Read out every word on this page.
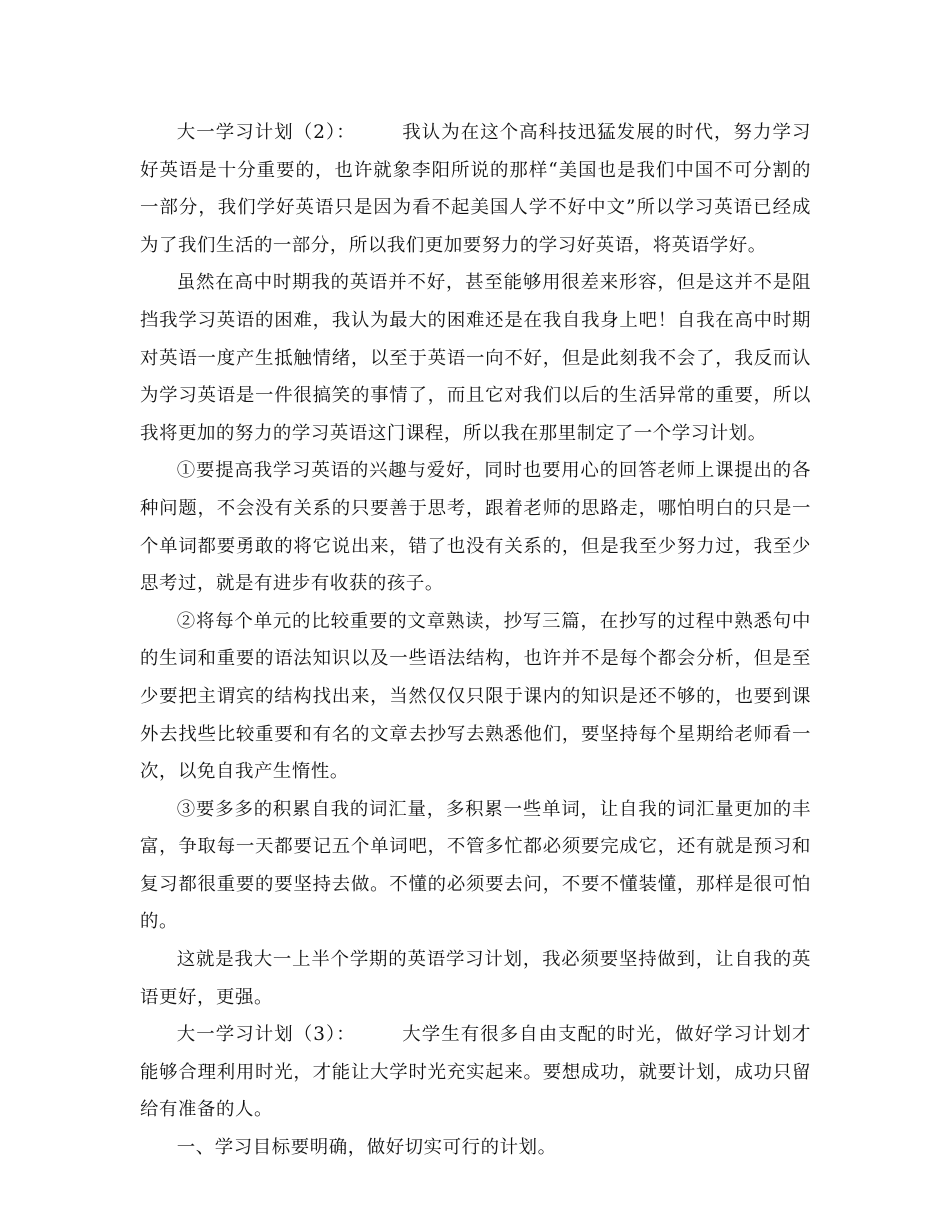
大一学习计划（2）：	我认为在这个高科技迅猛发展的时代，努力学习好英语是十分重要的，也许就象李阳所说的那样“美国也是我们中国不可分割的一部分，我们学好英语只是因为看不起美国人学不好中文”所以学习英语已经成为了我们生活的一部分，所以我们更加要努力的学习好英语，将英语学好。

虽然在高中时期我的英语并不好，甚至能够用很差来形容，但是这并不是阻挡我学习英语的困难，我认为最大的困难还是在我自我身上吧！自我在高中时期对英语一度产生抵触情绪，以至于英语一向不好，但是此刻我不会了，我反而认为学习英语是一件很搞笑的事情了，而且它对我们以后的生活异常的重要，所以我将更加的努力的学习英语这门课程，所以我在那里制定了一个学习计划。

①要提高我学习英语的兴趣与爱好，同时也要用心的回答老师上课提出的各种问题，不会没有关系的只要善于思考，跟着老师的思路走，哪怕明白的只是一个单词都要勇敢的将它说出来，错了也没有关系的，但是我至少努力过，我至少思考过，就是有进步有收获的孩子。

②将每个单元的比较重要的文章熟读，抄写三篇，在抄写的过程中熟悉句中的生词和重要的语法知识以及一些语法结构，也许并不是每个都会分析，但是至少要把主谓宾的结构找出来，当然仅仅只限于课内的知识是还不够的，也要到课外去找些比较重要和有名的文章去抄写去熟悉他们，要坚持每个星期给老师看一次，以免自我产生惰性。

③要多多的积累自我的词汇量，多积累一些单词，让自我的词汇量更加的丰富，争取每一天都要记五个单词吧，不管多忙都必须要完成它，还有就是预习和复习都很重要的要坚持去做。不懂的必须要去问，不要不懂装懂，那样是很可怕的。

这就是我大一上半个学期的英语学习计划，我必须要坚持做到，让自我的英语更好，更强。

大一学习计划（3）：	大学生有很多自由支配的时光，做好学习计划才能够合理利用时光，才能让大学时光充实起来。要想成功，就要计划，成功只留给有准备的人。

一、学习目标要明确，做好切实可行的计划。
